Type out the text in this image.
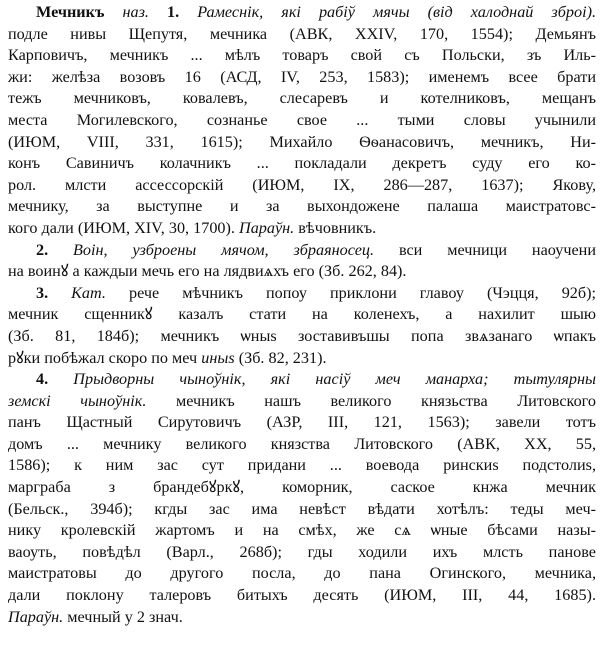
Мечникъ наз. 1. Рамеснік, які рабіў мячы (від халоднай зброі).
подле нивы Щепутя, мечника (АВК, XXIV, 170, 1554); Демьянъ
Карповичъ, мечникъ ... мѣлъ товаръ свой съ Польски, зъ Иль-
жи: желѣза возовъ 16 (АСД, IV, 253, 1583); именемъ всее брати
тежъ мечниковъ, ковалевъ, слесаревъ и котелниковъ, мещанъ
места Могилевского, сознанье свое ... тыми словы учынили
(ИЮМ, VIII, 331, 1615); Михайло Ѳѳанасовичъ, мечникъ, Ни-
конъ Савиничъ колачникъ ... покладали декретъ суду его ко-
рол. млсти ассессорскій (ИЮМ, IX, 286—287, 1637); Якову,
мечнику, за выступне и за выхондожене палаша маистратовс-
кого дали (ИЮМ, XIV, 30, 1700). Параўн. вѣчовникъ.
2. Воін, узброены мячом, збраяносец. вси мечници наоучени
на воинꙋ а каждыи мечь его на лядвиѧхъ его (Зб. 262, 84).
3. Кат. рече мѣчникъ попоу приклони главоу (Чэцця, 92б);
мечник сщенникꙋ казалъ стати на коленехъ, а нахилит шыю
(Зб. 81, 184б); мечникъ ѡныѕ зоставивъшы попа звѧзанаго ѡпакъ
рꙋки побѣжал скоро по меч иныѕ (Зб. 82, 231).
4. Прыдворны чыноўнік, які насіў меч манарха; тытулярны
земскі чыноўнік. мечникъ нашъ великого князьства Литовского
панъ Щастный Сирутовичъ (АЗР, III, 121, 1563); завели тотъ
домъ ... мечнику великого князства Литовского (АВК, XX, 55,
1586); к ним зас сут придани ... воевода ринскиѕ подстолиѕ,
марграба з брандебꙋркꙋ, коморник, саское кнжа мечник
(Бельск., 394б); кгды зас има невѣст вѣдати хотѣлъ: теды меч-
нику кролевскій жартомъ и на смѣх, же сѧ ѡные бѣсами назы-
ваоуть, повѣдѣл (Варл., 268б); гды ходили ихъ млсть панове
маистратовы до другого посла, до пана Огинского, мечника,
дали поклону талеровъ битыхъ десять (ИЮМ, III, 44, 1685).
Параўн. мечный у 2 знач.
